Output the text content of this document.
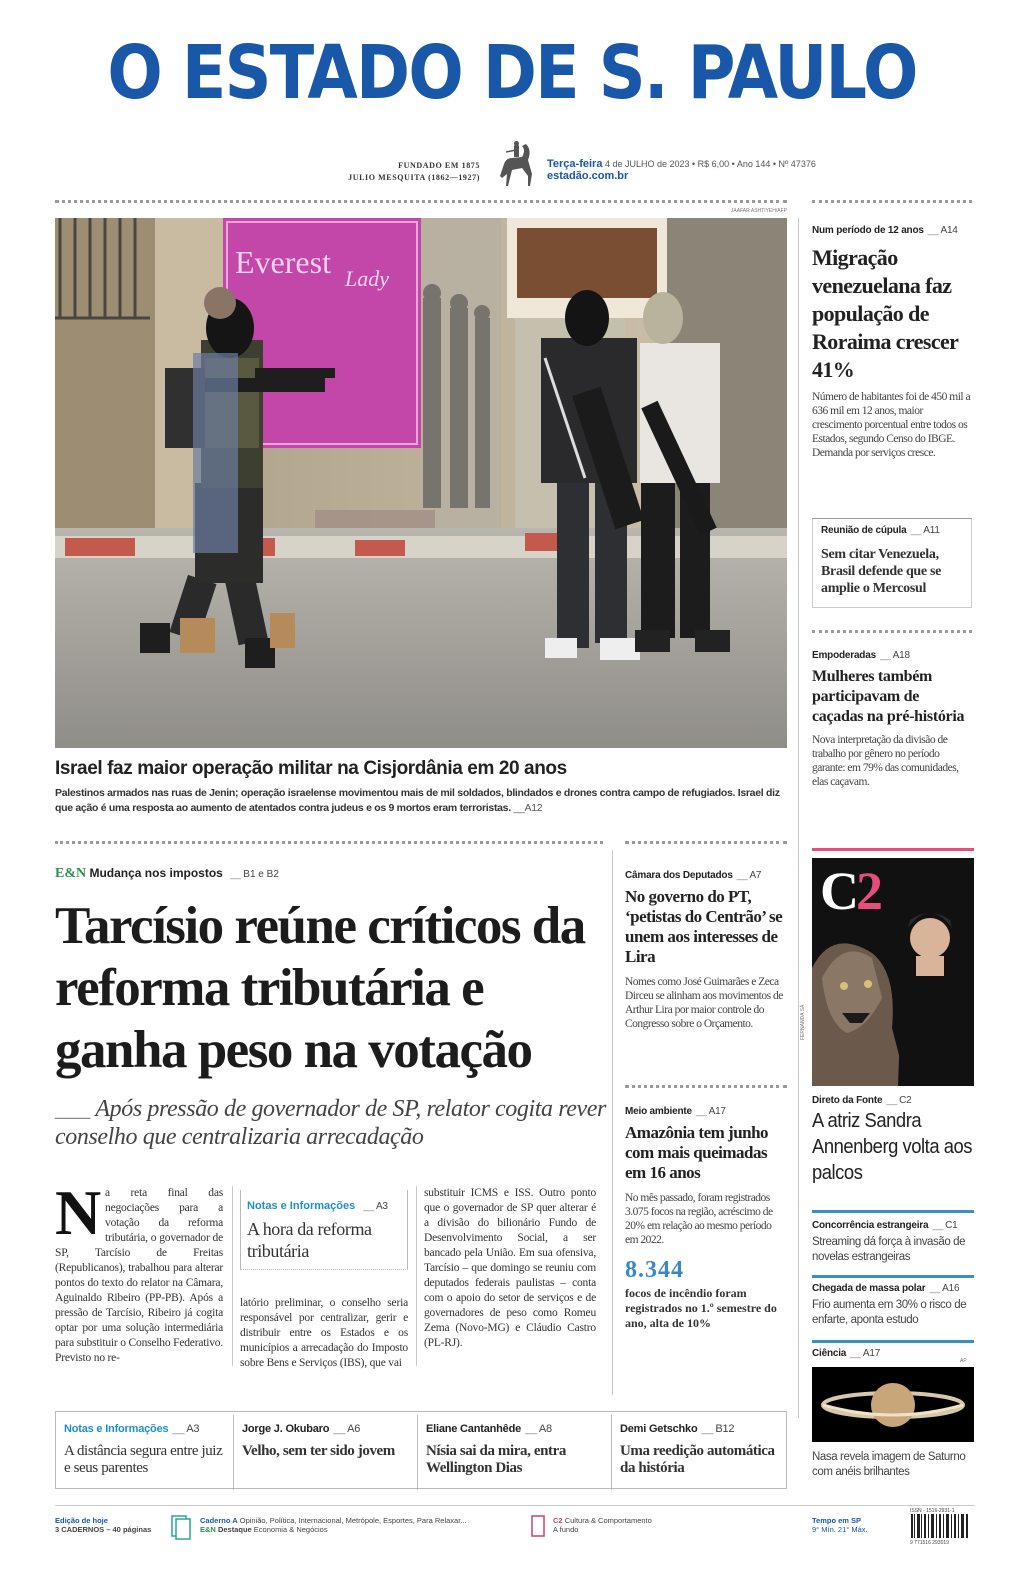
O ESTADO DE S. PAULO
FUNDADO EM 1875
JULIO MESQUITA (1862—1927)
Terça-feira 4 de JULHO de 2023 • R$ 6,00 • Ano 144 • Nº 47376
estadão.com.br
JAAFAR ASHTIYEH/AFP
Everest Lady
Israel faz maior operação militar na Cisjordânia em 20 anos
Palestinos armados nas ruas de Jenin; operação israelense movimentou mais de mil soldados, blindados e drones contra campo de refugiados. Israel diz que ação é uma resposta ao aumento de atentados contra judeus e os 9 mortos eram terroristas. __A12
E&N Mudança nos impostos __ B1 e B2
Tarcísio reúne críticos da reforma tributária e ganha peso na votação
___ Após pressão de governador de SP, relator cogita rever conselho que centralizaria arrecadação
N a reta final das negociações para a votação da reforma tributária, o governador de SP, Tarcísio de Freitas (Republicanos), trabalhou para alterar pontos do texto do relator na Câmara, Aguinaldo Ribeiro (PP-PB). Após a pressão de Tarcísio, Ribeiro já cogita optar por uma solução intermediária para substituir o Conselho Federativo. Previsto no re-
Notas e Informações __ A3
A hora da reforma tributária
latório preliminar, o conselho seria responsável por centralizar, gerir e distribuir entre os Estados e os municípios a arrecadação do Imposto sobre Bens e Serviços (IBS), que vai
substituir ICMS e ISS. Outro ponto que o governador de SP quer alterar é a divisão do bilionário Fundo de Desenvolvimento Social, a ser bancado pela União. Em sua ofensiva, Tarcísio – que domingo se reuniu com deputados federais paulistas – conta com o apoio do setor de serviços e de governadores de peso como Romeu Zema (Novo-MG) e Cláudio Castro (PL-RJ).
Câmara dos Deputados __ A7
No governo do PT, ‘petistas do Centrão’ se unem aos interesses de Lira
Nomes como José Guimarães e Zeca Dirceu se alinham aos movimentos de Arthur Lira por maior controle do Congresso sobre o Orçamento.
Meio ambiente __ A17
Amazônia tem junho com mais queimadas em 16 anos
No mês passado, foram registrados 3.075 focos na região, acréscimo de 20% em relação ao mesmo período em 2022.
8.344
focos de incêndio foram registrados no 1.º semestre do ano, alta de 10%
Num período de 12 anos __ A14
Migração venezuelana faz população de Roraima crescer 41%
Número de habitantes foi de 450 mil a 636 mil em 12 anos, maior crescimento porcentual entre todos os Estados, segundo Censo do IBGE. Demanda por serviços cresce.
Reunião de cúpula __ A11
Sem citar Venezuela, Brasil defende que se amplie o Mercosul
Empoderadas __ A18
Mulheres também participavam de caçadas na pré-história
Nova interpretação da divisão de trabalho por gênero no período garante: em 79% das comunidades, elas caçavam.
C2
FERNANDA SÁ
Direto da Fonte __ C2
A atriz Sandra Annenberg volta aos palcos
Concorrência estrangeira __ C1
Streaming dá força à invasão de novelas estrangeiras
Chegada de massa polar __ A16
Frio aumenta em 30% o risco de enfarte, aponta estudo
Ciência __ A17
AP
Nasa revela imagem de Saturno com anéis brilhantes
Notas e Informações __ A3
A distância segura entre juiz e seus parentes
Jorge J. Okubaro __ A6
Velho, sem ter sido jovem
Eliane Cantanhêde __ A8
Nísia sai da mira, entra Wellington Dias
Demi Getschko __ B12
Uma reedição automática da história
Edição de hoje
3 CADERNOS – 40 páginas
Caderno A Opinião, Política, Internacional, Metrópole, Esportes, Para Relaxar...
E&N Destaque Economia & Negócios
C2 Cultura & Comportamento
A fundo
Tempo em SP
9° Mín. 21° Máx.
ISSN - 1516-2931-1
9 771516 293019
